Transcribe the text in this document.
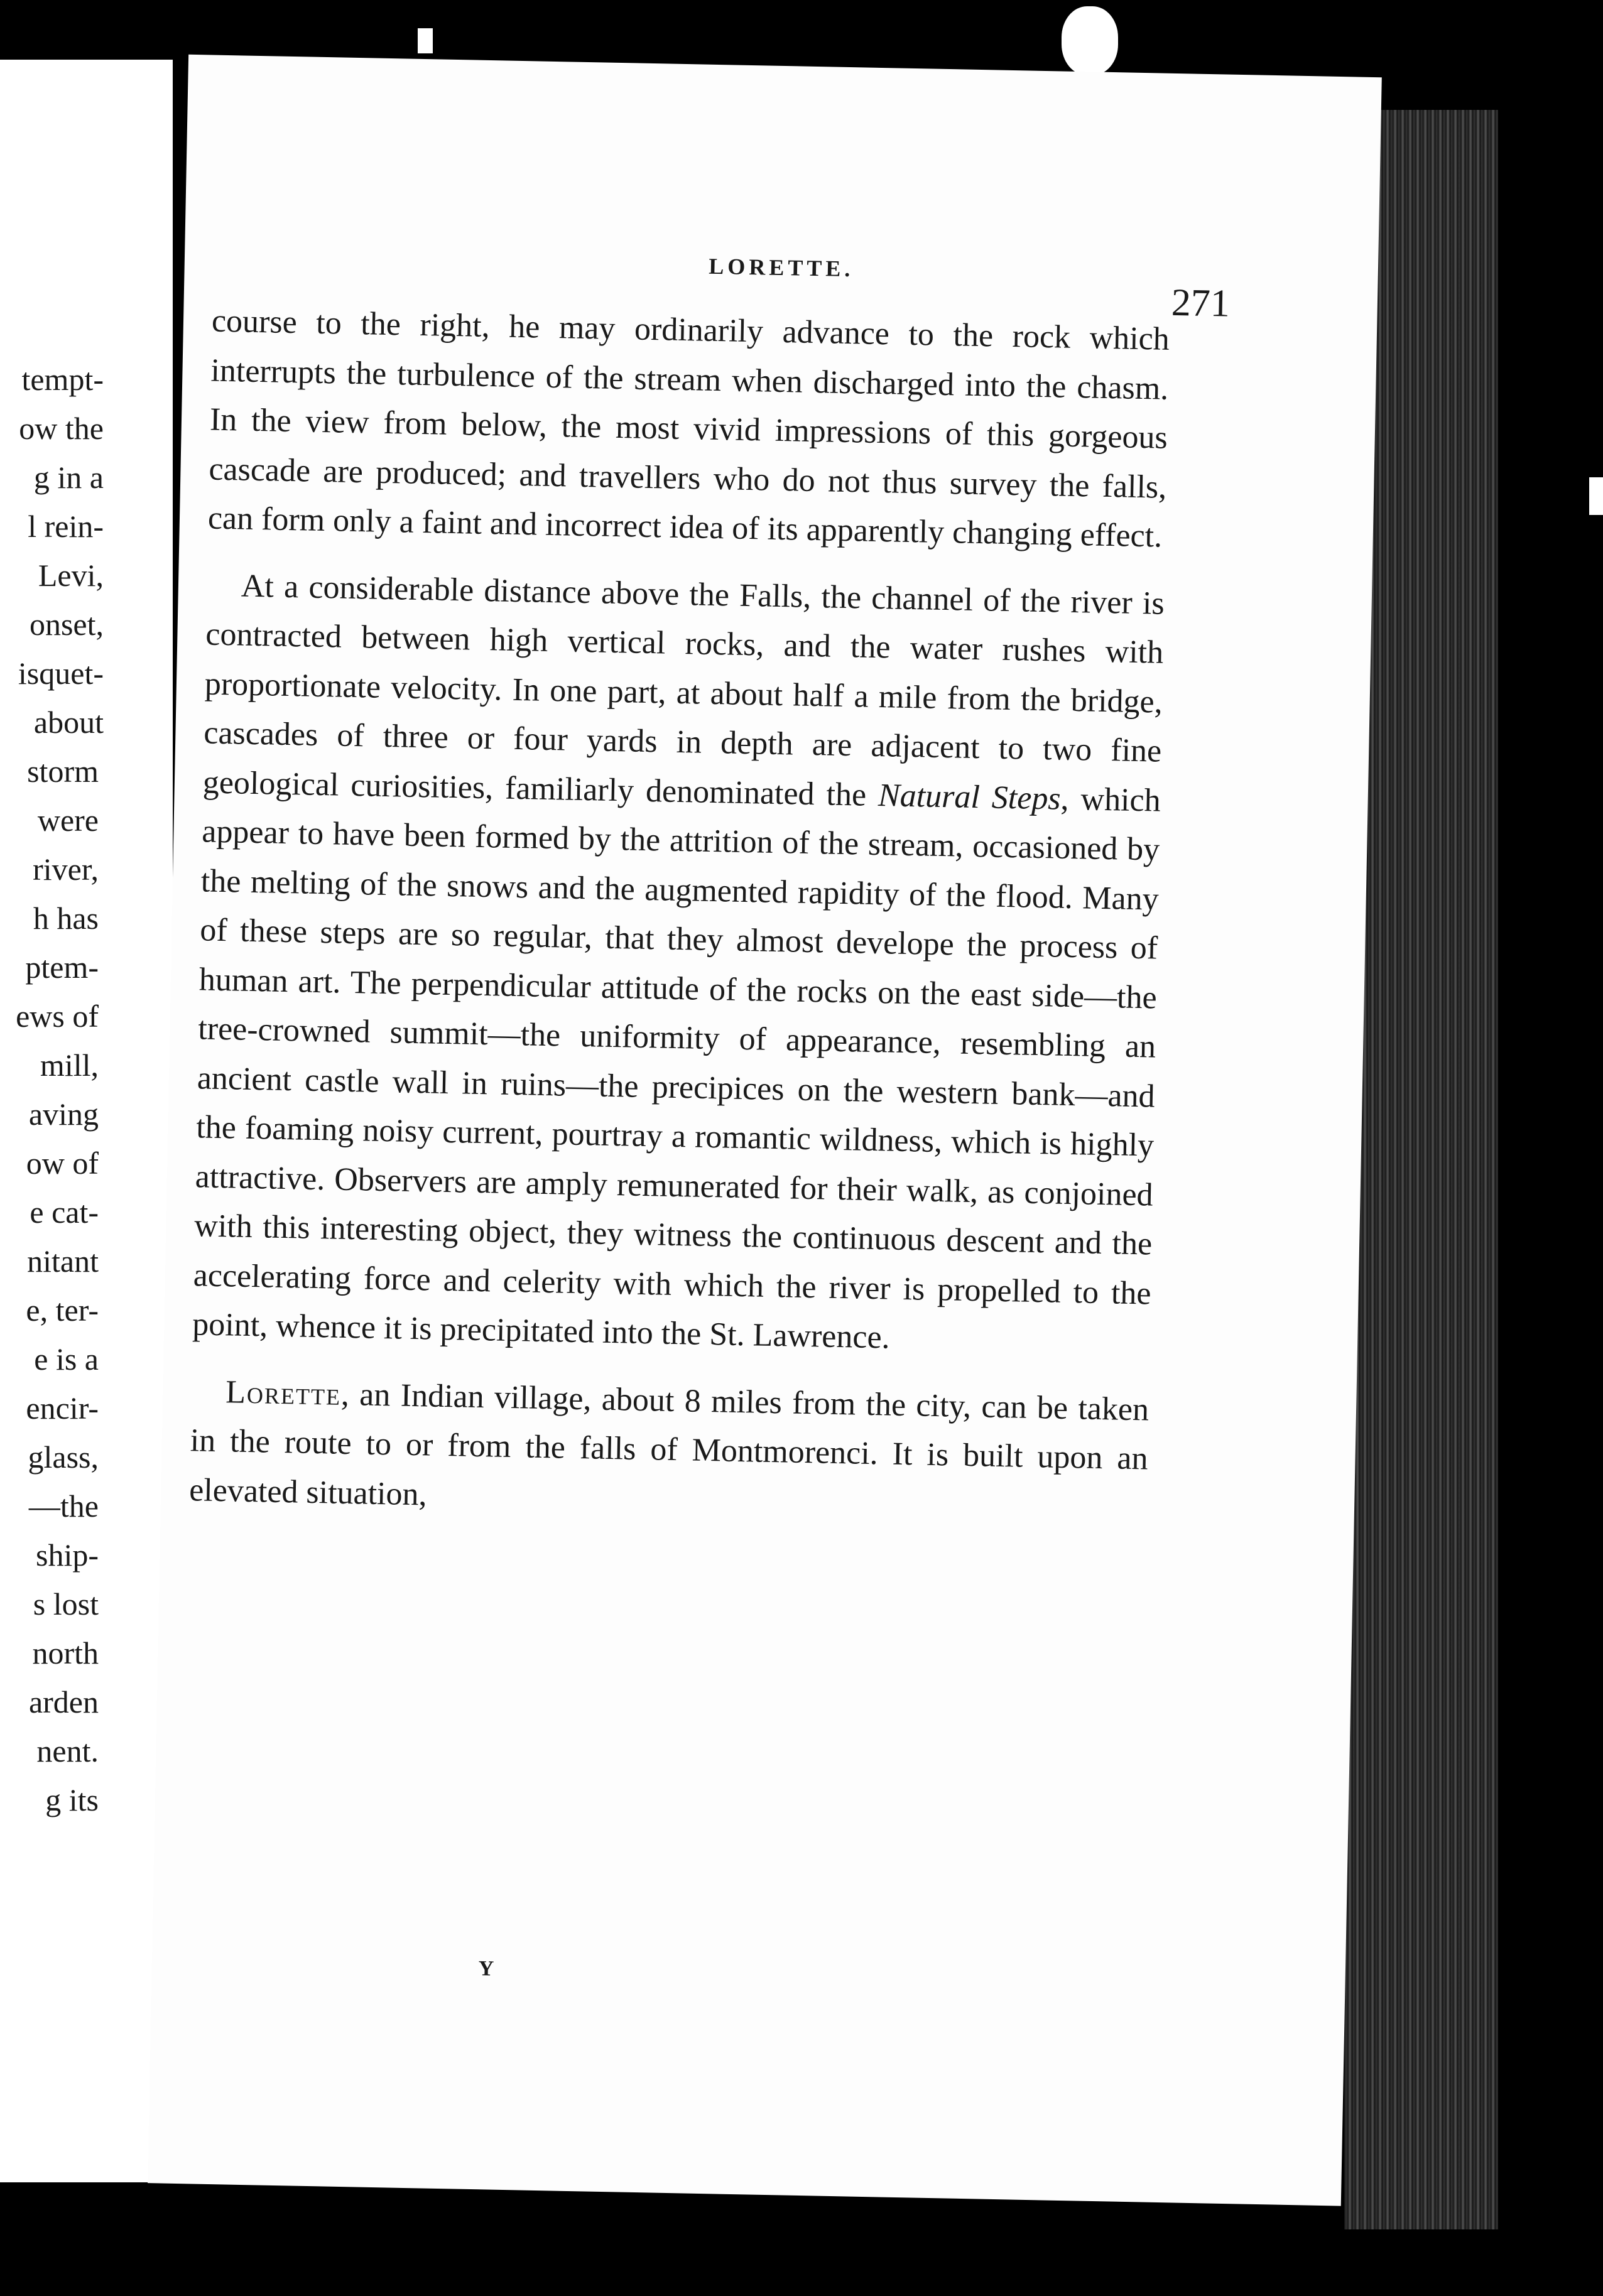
tempt-
ow the
g in a
l rein-
Levi,
onset,
isquet-
about
storm
were
river,
h has
ptem-
ews of
mill,
aving
ow of
e cat-
nitant
e, ter-
e is a
encir-
glass,
—the
ship-
s lost
north
arden
nent.
g its
LORETTE.
271

course to the right, he may ordinarily advance to the rock which interrupts the turbulence of the stream when discharged into the chasm. In the view from below, the most vivid impressions of this gorgeous cascade are produced; and travellers who do not thus survey the falls, can form only a faint and incorrect idea of its apparently changing effect.

At a considerable distance above the Falls, the channel of the river is contracted between high vertical rocks, and the water rushes with proportionate velocity. In one part, at about half a mile from the bridge, cascades of three or four yards in depth are adjacent to two fine geological curiosities, familiarly denominated the Natural Steps, which appear to have been formed by the attrition of the stream, occasioned by the melting of the snows and the augmented rapidity of the flood. Many of these steps are so regular, that they almost develope the process of human art. The perpendicular attitude of the rocks on the east side—the tree-crowned summit—the uniformity of appearance, resembling an ancient castle wall in ruins—the precipices on the western bank—and the foaming noisy current, pourtray a romantic wildness, which is highly attractive. Observers are amply remunerated for their walk, as conjoined with this interesting object, they witness the continuous descent and the accelerating force and celerity with which the river is propelled to the point, whence it is precipitated into the St. Lawrence.

Lorette, an Indian village, about 8 miles from the city, can be taken in the route to or from the falls of Montmorenci. It is built upon an elevated situation,

Y
